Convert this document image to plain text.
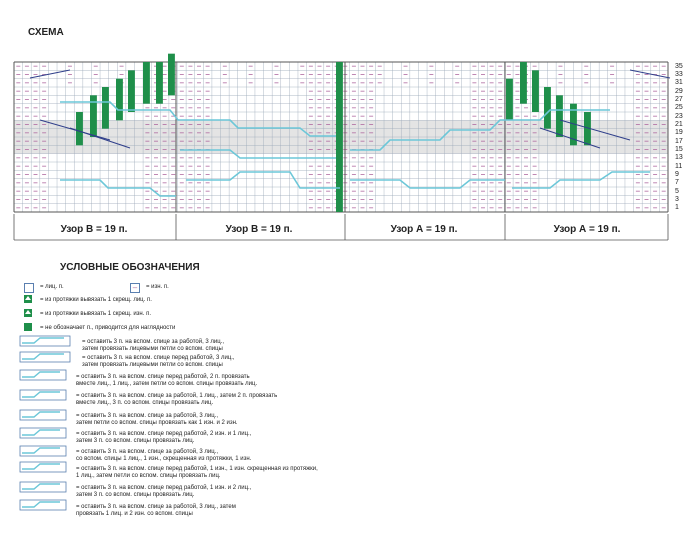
СХЕМА
35
33
31
29
27
25
23
21
19
17
15
13
11
9
7
5
3
1
Узор В = 19 п.	Узор В = 19 п.	Узор А = 19 п.	Узор А = 19 п.
УСЛОВНЫЕ ОБОЗНАЧЕНИЯ
= лиц. п.	–	= изн. п.
= из протяжки вывязать 1 скрещ. лиц. п.
= из протяжки вывязать 1 скрещ. изн. п.
= не обозначает п., приводится для наглядности
= оставить 3 п. на вспом. спице за работой, 3 лиц.,
затем провязать лицевыми петли со вспом. спицы
= оставить 3 п. на вспом. спице перед работой, 3 лиц.,
затем провязать лицевыми петли со вспом. спицы
= оставить 3 п. на вспом. спице перед работой, 2 п. провязать
вместе лиц., 1 лиц., затем петли со вспом. спицы провязать лиц.
= оставить 3 п. на вспом. спице за работой, 1 лиц., затем 2 п. провязать
вместе лиц., 3 п. со вспом. спицы провязать лиц.
= оставить 3 п. на вспом. спице за работой, 3 лиц.,
затем петли со вспом. спицы провязать как 1 изн. и 2 изн.
= оставить 3 п. на вспом. спице перед работой, 2 изн. и 1 лиц.,
затем 3 п. со вспом. спицы провязать лиц.
= оставить 3 п. на вспом. спице за работой, 3 лиц.,
со вспом. спицы 1 лиц., 1 изн., скрещенная из протяжки, 1 изн.
= оставить 3 п. на вспом. спице перед работой, 1 изн., 1 изн. скрещенная из протяжки,
1 лиц., затем петли со вспом. спицы провязать лиц.
= оставить 3 п. на вспом. спице перед работой, 1 изн. и 2 лиц.,
затем 3 п. со вспом. спицы провязать лиц.
= оставить 3 п. на вспом. спице за работой, 3 лиц., затем
провязать 1 лиц. и 2 изн. со вспом. спицы
